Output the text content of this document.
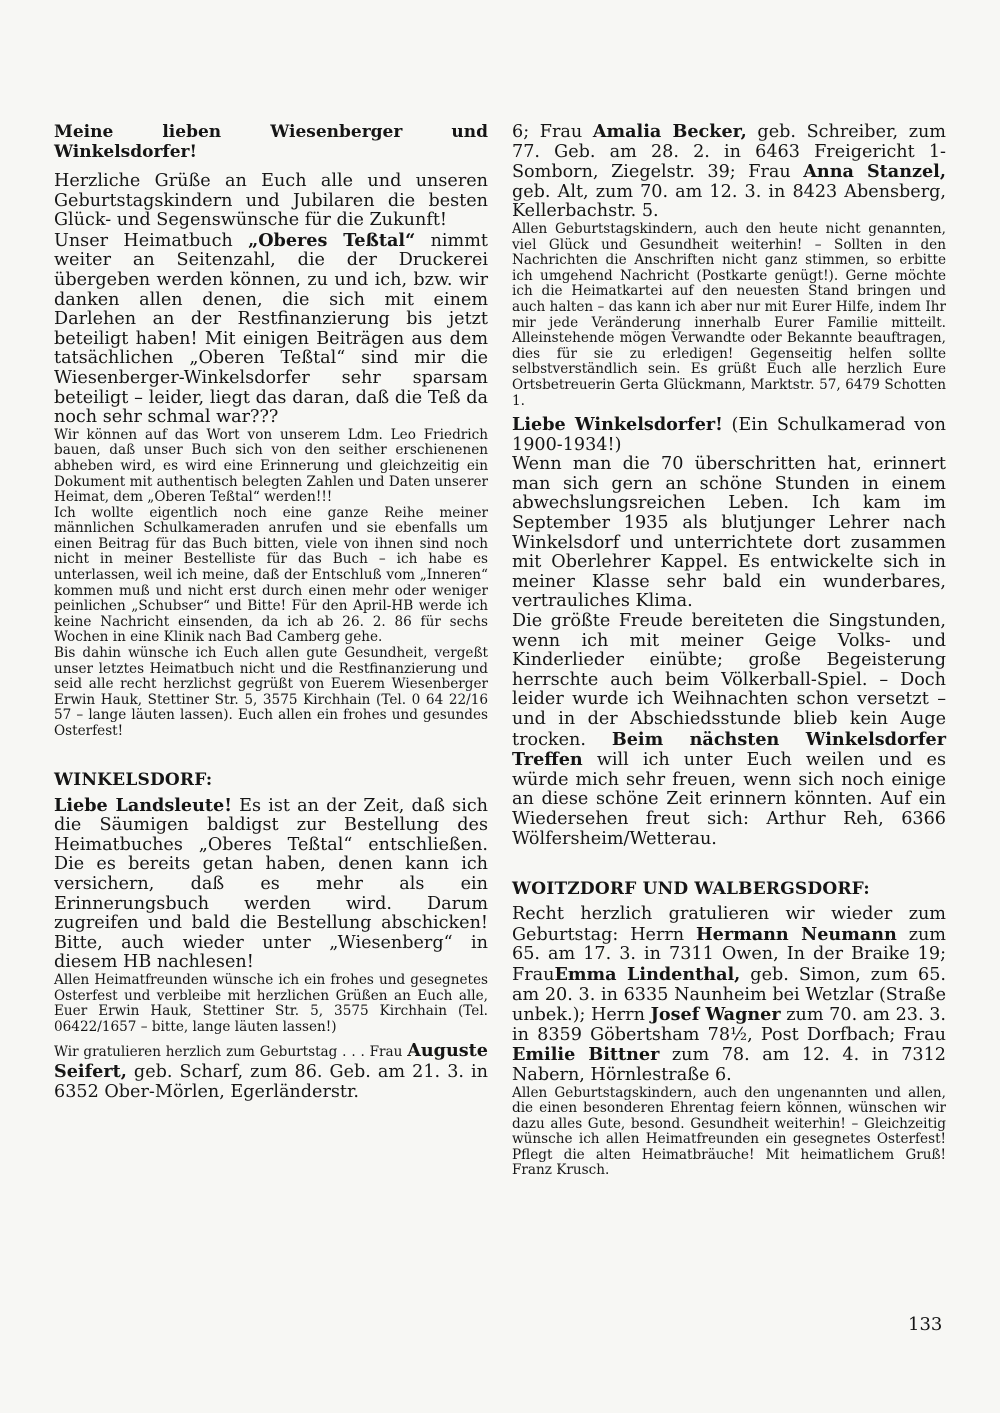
Meine lieben Wiesenberger und Winkelsdorfer!

Herzliche Grüße an Euch alle und unseren Geburtstagskindern und Jubilaren die besten Glück- und Segenswünsche für die Zukunft!

Unser Heimatbuch „Oberes Teßtal“ nimmt weiter an Seitenzahl, die der Druckerei übergeben werden können, zu und ich, bzw. wir danken allen denen, die sich mit einem Darlehen an der Restfinanzierung bis jetzt beteiligt haben! Mit einigen Beiträgen aus dem tatsächlichen „Oberen Teßtal“ sind mir die Wiesenberger-Winkelsdorfer sehr sparsam beteiligt – leider, liegt das daran, daß die Teß da noch sehr schmal war???

Wir können auf das Wort von unserem Ldm. Leo Friedrich bauen, daß unser Buch sich von den seither erschienenen abheben wird, es wird eine Erinnerung und gleichzeitig ein Dokument mit authentisch belegten Zahlen und Daten unserer Heimat, dem „Oberen Teßtal“ werden!!!

Ich wollte eigentlich noch eine ganze Reihe meiner männlichen Schulkameraden anrufen und sie ebenfalls um einen Beitrag für das Buch bitten, viele von ihnen sind noch nicht in meiner Bestelliste für das Buch – ich habe es unterlassen, weil ich meine, daß der Entschluß vom „Inneren“ kommen muß und nicht erst durch einen mehr oder weniger peinlichen „Schubser“ und Bitte! Für den April-HB werde ich keine Nachricht einsenden, da ich ab 26. 2. 86 für sechs Wochen in eine Klinik nach Bad Camberg gehe.

Bis dahin wünsche ich Euch allen gute Gesundheit, vergeßt unser letztes Heimatbuch nicht und die Restfinanzierung und seid alle recht herzlichst gegrüßt von Euerem Wiesenberger Erwin Hauk, Stettiner Str. 5, 3575 Kirchhain (Tel. 0 64 22/16 57 – lange läuten lassen). Euch allen ein frohes und gesundes Osterfest!

WINKELSDORF:

Liebe Landsleute! Es ist an der Zeit, daß sich die Säumigen baldigst zur Bestellung des Heimatbuches „Oberes Teßtal“ entschließen. Die es bereits getan haben, denen kann ich versichern, daß es mehr als ein Erinnerungsbuch werden wird. Darum zugreifen und bald die Bestellung abschicken! Bitte, auch wieder unter „Wiesenberg“ in diesem HB nachlesen!

Allen Heimatfreunden wünsche ich ein frohes und gesegnetes Osterfest und verbleibe mit herzlichen Grüßen an Euch alle, Euer Erwin Hauk, Stettiner Str. 5, 3575 Kirchhain (Tel. 06422/1657 – bitte, lange läuten lassen!)

Wir gratulieren herzlich zum Geburtstag . . . Frau Auguste Seifert, geb. Scharf, zum 86. Geb. am 21. 3. in 6352 Ober-Mörlen, Egerländerstr.

6; Frau Amalia Becker, geb. Schreiber, zum 77. Geb. am 28. 2. in 6463 Freigericht 1-Somborn, Ziegelstr. 39; Frau Anna Stanzel, geb. Alt, zum 70. am 12. 3. in 8423 Abensberg, Kellerbachstr. 5.

Allen Geburtstagskindern, auch den heute nicht genannten, viel Glück und Gesundheit weiterhin! – Sollten in den Nachrichten die Anschriften nicht ganz stimmen, so erbitte ich umgehend Nachricht (Postkarte genügt!). Gerne möchte ich die Heimatkartei auf den neuesten Stand bringen und auch halten – das kann ich aber nur mit Eurer Hilfe, indem Ihr mir jede Veränderung innerhalb Eurer Familie mitteilt. Alleinstehende mögen Verwandte oder Bekannte beauftragen, dies für sie zu erledigen! Gegenseitig helfen sollte selbstverständlich sein. Es grüßt Euch alle herzlich Eure Ortsbetreuerin Gerta Glückmann, Marktstr. 57, 6479 Schotten 1.

Liebe Winkelsdorfer! (Ein Schulkamerad von 1900-1934!)

Wenn man die 70 überschritten hat, erinnert man sich gern an schöne Stunden in einem abwechslungsreichen Leben. Ich kam im September 1935 als blutjunger Lehrer nach Winkelsdorf und unterrichtete dort zusammen mit Oberlehrer Kappel. Es entwickelte sich in meiner Klasse sehr bald ein wunderbares, vertrauliches Klima.

Die größte Freude bereiteten die Singstunden, wenn ich mit meiner Geige Volks- und Kinderlieder einübte; große Begeisterung herrschte auch beim Völkerball-Spiel. – Doch leider wurde ich Weihnachten schon versetzt – und in der Abschiedsstunde blieb kein Auge trocken. Beim nächsten Winkelsdorfer Treffen will ich unter Euch weilen und es würde mich sehr freuen, wenn sich noch einige an diese schöne Zeit erinnern könnten. Auf ein Wiedersehen freut sich: Arthur Reh, 6366 Wölfersheim/Wetterau.

WOITZDORF UND WALBERGSDORF:

Recht herzlich gratulieren wir wieder zum Geburtstag: Herrn Hermann Neumann zum 65. am 17. 3. in 7311 Owen, In der Braike 19; FrauEmma Lindenthal, geb. Simon, zum 65. am 20. 3. in 6335 Naunheim bei Wetzlar (Straße unbek.); Herrn Josef Wagner zum 70. am 23. 3. in 8359 Göbertsham 78½, Post Dorfbach; Frau Emilie Bittner zum 78. am 12. 4. in 7312 Nabern, Hörnlestraße 6.

Allen Geburtstagskindern, auch den ungenannten und allen, die einen besonderen Ehrentag feiern können, wünschen wir dazu alles Gute, besond. Gesundheit weiterhin! – Gleichzeitig wünsche ich allen Heimatfreunden ein gesegnetes Osterfest! Pflegt die alten Heimatbräuche! Mit heimatlichem Gruß! Franz Krusch.

133
